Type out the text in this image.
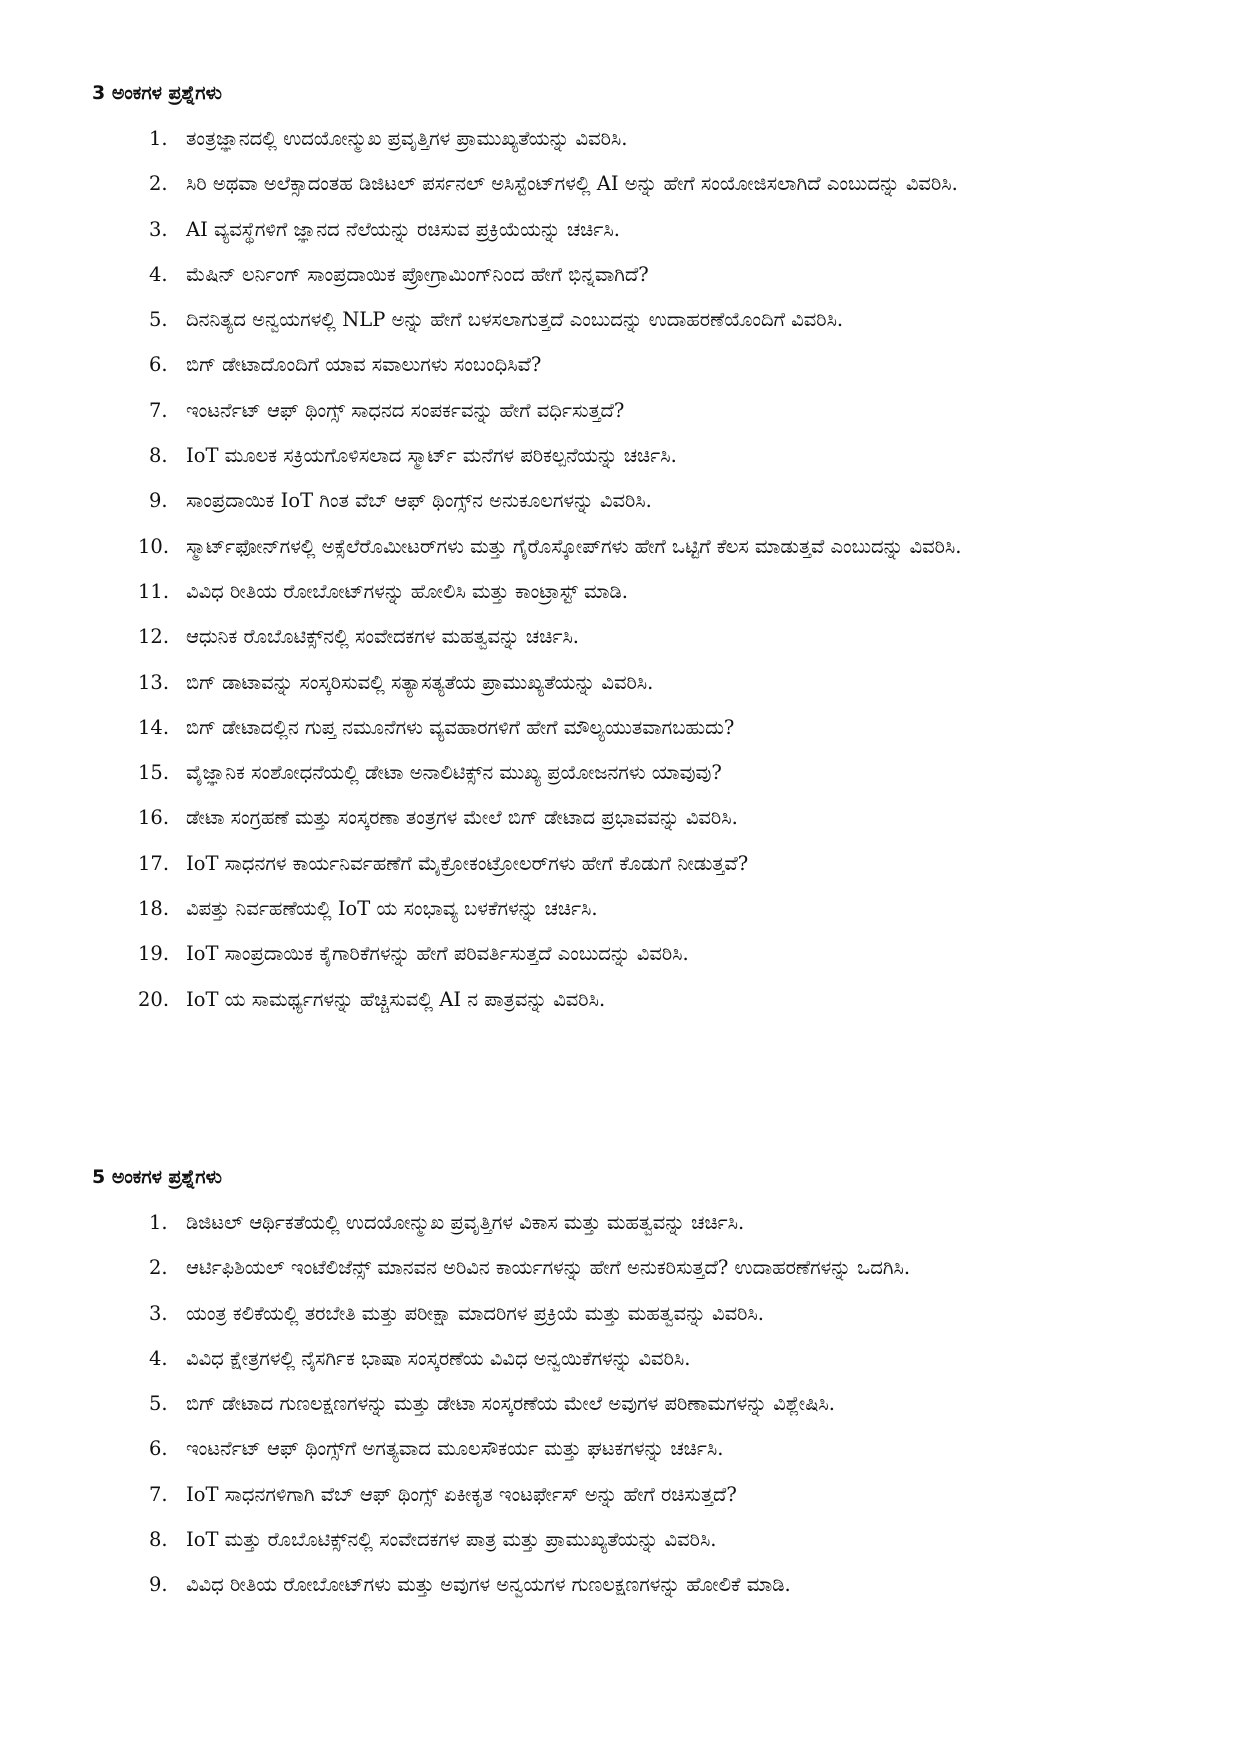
3 ಅಂಕಗಳ ಪ್ರಶ್ನೆಗಳು
1. ತಂತ್ರಜ್ಞಾನದಲ್ಲಿ ಉದಯೋನ್ಮುಖ ಪ್ರವೃತ್ತಿಗಳ ಪ್ರಾಮುಖ್ಯತೆಯನ್ನು ವಿವರಿಸಿ.
2. ಸಿರಿ ಅಥವಾ ಅಲೆಕ್ಸಾದಂತಹ ಡಿಜಿಟಲ್ ಪರ್ಸನಲ್ ಅಸಿಸ್ಟೆಂಟ್‌ಗಳಲ್ಲಿ AI ಅನ್ನು ಹೇಗೆ ಸಂಯೋಜಿಸಲಾಗಿದೆ ಎಂಬುದನ್ನು ವಿವರಿಸಿ.
3. AI ವ್ಯವಸ್ಥೆಗಳಿಗೆ ಜ್ಞಾನದ ನೆಲೆಯನ್ನು ರಚಿಸುವ ಪ್ರಕ್ರಿಯೆಯನ್ನು ಚರ್ಚಿಸಿ.
4. ಮೆಷಿನ್ ಲರ್ನಿಂಗ್ ಸಾಂಪ್ರದಾಯಿಕ ಪ್ರೋಗ್ರಾಮಿಂಗ್‌ನಿಂದ ಹೇಗೆ ಭಿನ್ನವಾಗಿದೆ?
5. ದಿನನಿತ್ಯದ ಅನ್ವಯಗಳಲ್ಲಿ NLP ಅನ್ನು ಹೇಗೆ ಬಳಸಲಾಗುತ್ತದೆ ಎಂಬುದನ್ನು ಉದಾಹರಣೆಯೊಂದಿಗೆ ವಿವರಿಸಿ.
6. ಬಿಗ್ ಡೇಟಾದೊಂದಿಗೆ ಯಾವ ಸವಾಲುಗಳು ಸಂಬಂಧಿಸಿವೆ?
7. ಇಂಟರ್ನೆಟ್ ಆಫ್ ಥಿಂಗ್ಸ್ ಸಾಧನದ ಸಂಪರ್ಕವನ್ನು ಹೇಗೆ ವರ್ಧಿಸುತ್ತದೆ?
8. IoT ಮೂಲಕ ಸಕ್ರಿಯಗೊಳಿಸಲಾದ ಸ್ಮಾರ್ಟ್ ಮನೆಗಳ ಪರಿಕಲ್ಪನೆಯನ್ನು ಚರ್ಚಿಸಿ.
9. ಸಾಂಪ್ರದಾಯಿಕ IoT ಗಿಂತ ವೆಬ್ ಆಫ್ ಥಿಂಗ್ಸ್‌ನ ಅನುಕೂಲಗಳನ್ನು ವಿವರಿಸಿ.
10. ಸ್ಮಾರ್ಟ್‌ಫೋನ್‌ಗಳಲ್ಲಿ ಅಕ್ಸೆಲೆರೊಮೀಟರ್‌ಗಳು ಮತ್ತು ಗೈರೊಸ್ಕೋಪ್‌ಗಳು ಹೇಗೆ ಒಟ್ಟಿಗೆ ಕೆಲಸ ಮಾಡುತ್ತವೆ ಎಂಬುದನ್ನು ವಿವರಿಸಿ.
11. ವಿವಿಧ ರೀತಿಯ ರೋಬೋಟ್‌ಗಳನ್ನು ಹೋಲಿಸಿ ಮತ್ತು ಕಾಂಟ್ರಾಸ್ಟ್ ಮಾಡಿ.
12. ಆಧುನಿಕ ರೊಬೊಟಿಕ್ಸ್‌ನಲ್ಲಿ ಸಂವೇದಕಗಳ ಮಹತ್ವವನ್ನು ಚರ್ಚಿಸಿ.
13. ಬಿಗ್ ಡಾಟಾವನ್ನು ಸಂಸ್ಕರಿಸುವಲ್ಲಿ ಸತ್ಯಾಸತ್ಯತೆಯ ಪ್ರಾಮುಖ್ಯತೆಯನ್ನು ವಿವರಿಸಿ.
14. ಬಿಗ್ ಡೇಟಾದಲ್ಲಿನ ಗುಪ್ತ ನಮೂನೆಗಳು ವ್ಯವಹಾರಗಳಿಗೆ ಹೇಗೆ ಮೌಲ್ಯಯುತವಾಗಬಹುದು?
15. ವೈಜ್ಞಾನಿಕ ಸಂಶೋಧನೆಯಲ್ಲಿ ಡೇಟಾ ಅನಾಲಿಟಿಕ್ಸ್‌ನ ಮುಖ್ಯ ಪ್ರಯೋಜನಗಳು ಯಾವುವು?
16. ಡೇಟಾ ಸಂಗ್ರಹಣೆ ಮತ್ತು ಸಂಸ್ಕರಣಾ ತಂತ್ರಗಳ ಮೇಲೆ ಬಿಗ್ ಡೇಟಾದ ಪ್ರಭಾವವನ್ನು ವಿವರಿಸಿ.
17. IoT ಸಾಧನಗಳ ಕಾರ್ಯನಿರ್ವಹಣೆಗೆ ಮೈಕ್ರೋಕಂಟ್ರೋಲರ್‌ಗಳು ಹೇಗೆ ಕೊಡುಗೆ ನೀಡುತ್ತವೆ?
18. ವಿಪತ್ತು ನಿರ್ವಹಣೆಯಲ್ಲಿ IoT ಯ ಸಂಭಾವ್ಯ ಬಳಕೆಗಳನ್ನು ಚರ್ಚಿಸಿ.
19. IoT ಸಾಂಪ್ರದಾಯಿಕ ಕೈಗಾರಿಕೆಗಳನ್ನು ಹೇಗೆ ಪರಿವರ್ತಿಸುತ್ತದೆ ಎಂಬುದನ್ನು ವಿವರಿಸಿ.
20. IoT ಯ ಸಾಮರ್ಥ್ಯಗಳನ್ನು ಹೆಚ್ಚಿಸುವಲ್ಲಿ AI ನ ಪಾತ್ರವನ್ನು ವಿವರಿಸಿ.
5 ಅಂಕಗಳ ಪ್ರಶ್ನೆಗಳು
1. ಡಿಜಿಟಲ್ ಆರ್ಥಿಕತೆಯಲ್ಲಿ ಉದಯೋನ್ಮುಖ ಪ್ರವೃತ್ತಿಗಳ ವಿಕಾಸ ಮತ್ತು ಮಹತ್ವವನ್ನು ಚರ್ಚಿಸಿ.
2. ಆರ್ಟಿಫಿಶಿಯಲ್ ಇಂಟೆಲಿಜೆನ್ಸ್ ಮಾನವನ ಅರಿವಿನ ಕಾರ್ಯಗಳನ್ನು ಹೇಗೆ ಅನುಕರಿಸುತ್ತದೆ? ಉದಾಹರಣೆಗಳನ್ನು ಒದಗಿಸಿ.
3. ಯಂತ್ರ ಕಲಿಕೆಯಲ್ಲಿ ತರಬೇತಿ ಮತ್ತು ಪರೀಕ್ಷಾ ಮಾದರಿಗಳ ಪ್ರಕ್ರಿಯೆ ಮತ್ತು ಮಹತ್ವವನ್ನು ವಿವರಿಸಿ.
4. ವಿವಿಧ ಕ್ಷೇತ್ರಗಳಲ್ಲಿ ನೈಸರ್ಗಿಕ ಭಾಷಾ ಸಂಸ್ಕರಣೆಯ ವಿವಿಧ ಅನ್ವಯಿಕೆಗಳನ್ನು ವಿವರಿಸಿ.
5. ಬಿಗ್ ಡೇಟಾದ ಗುಣಲಕ್ಷಣಗಳನ್ನು ಮತ್ತು ಡೇಟಾ ಸಂಸ್ಕರಣೆಯ ಮೇಲೆ ಅವುಗಳ ಪರಿಣಾಮಗಳನ್ನು ವಿಶ್ಲೇಷಿಸಿ.
6. ಇಂಟರ್ನೆಟ್ ಆಫ್ ಥಿಂಗ್ಸ್‌ಗೆ ಅಗತ್ಯವಾದ ಮೂಲಸೌಕರ್ಯ ಮತ್ತು ಘಟಕಗಳನ್ನು ಚರ್ಚಿಸಿ.
7. IoT ಸಾಧನಗಳಿಗಾಗಿ ವೆಬ್ ಆಫ್ ಥಿಂಗ್ಸ್ ಏಕೀಕೃತ ಇಂಟರ್ಫೇಸ್ ಅನ್ನು ಹೇಗೆ ರಚಿಸುತ್ತದೆ?
8. IoT ಮತ್ತು ರೊಬೊಟಿಕ್ಸ್‌ನಲ್ಲಿ ಸಂವೇದಕಗಳ ಪಾತ್ರ ಮತ್ತು ಪ್ರಾಮುಖ್ಯತೆಯನ್ನು ವಿವರಿಸಿ.
9. ವಿವಿಧ ರೀತಿಯ ರೋಬೋಟ್‌ಗಳು ಮತ್ತು ಅವುಗಳ ಅನ್ವಯಗಳ ಗುಣಲಕ್ಷಣಗಳನ್ನು ಹೋಲಿಕೆ ಮಾಡಿ.
